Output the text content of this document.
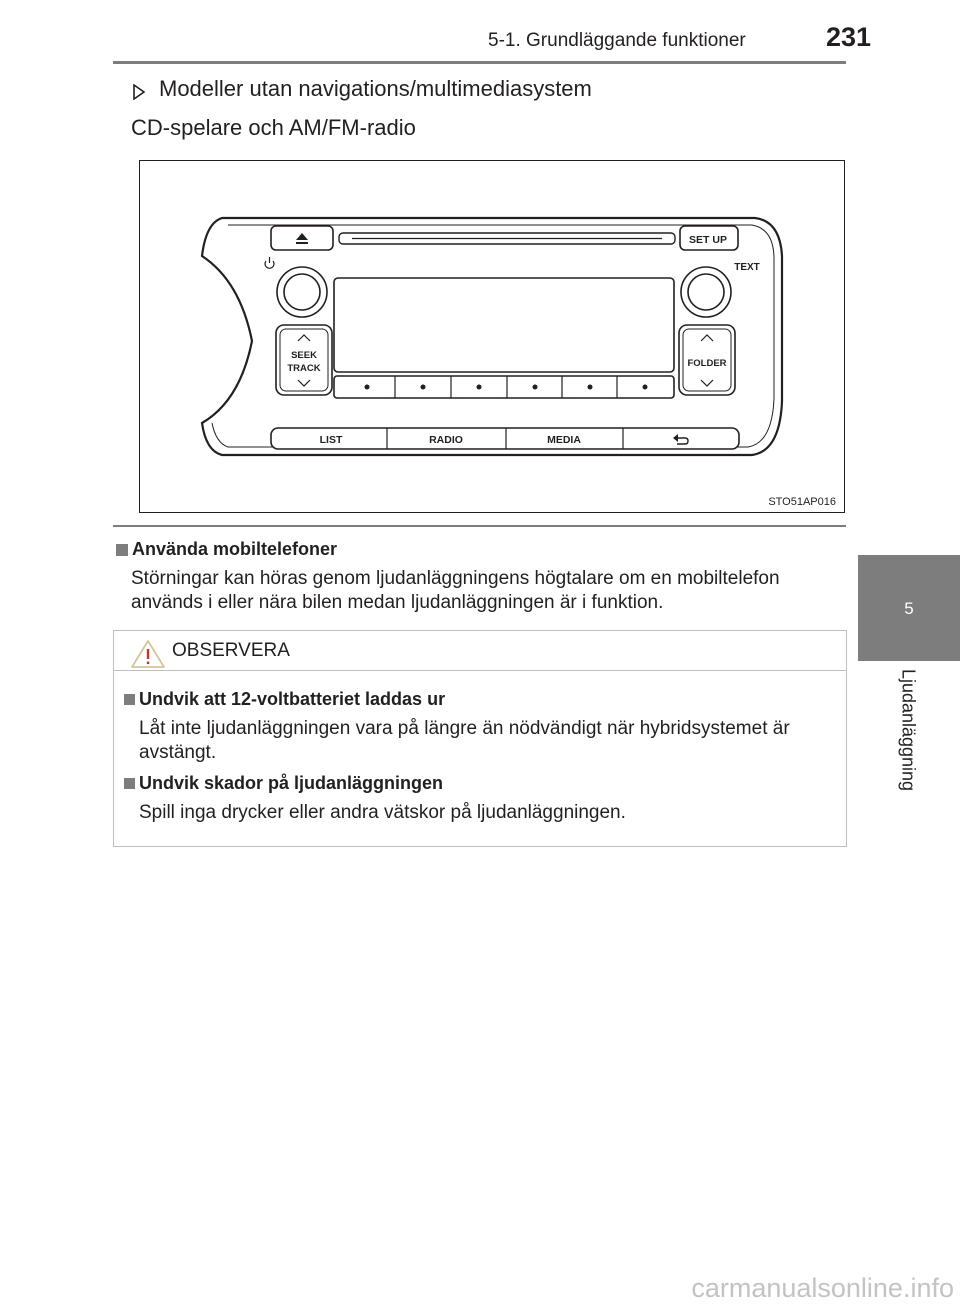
5-1. Grundläggande funktioner	231
5
Ljudanläggning
Modeller utan navigations/multimediasystem
CD-spelare och AM/FM-radio
SET UP
TEXT
SEEK
TRACK	FOLDER
LIST	RADIO	MEDIA
STO51AP016
Använda mobiltelefoner
Störningar kan höras genom ljudanläggningens högtalare om en mobiltelefon används i eller nära bilen medan ljudanläggningen är i funktion.
OBSERVERA
Undvik att 12-voltbatteriet laddas ur
Låt inte ljudanläggningen vara på längre än nödvändigt när hybridsystemet är avstängt.
Undvik skador på ljudanläggningen
Spill inga drycker eller andra vätskor på ljudanläggningen.
carmanualsonline.info
